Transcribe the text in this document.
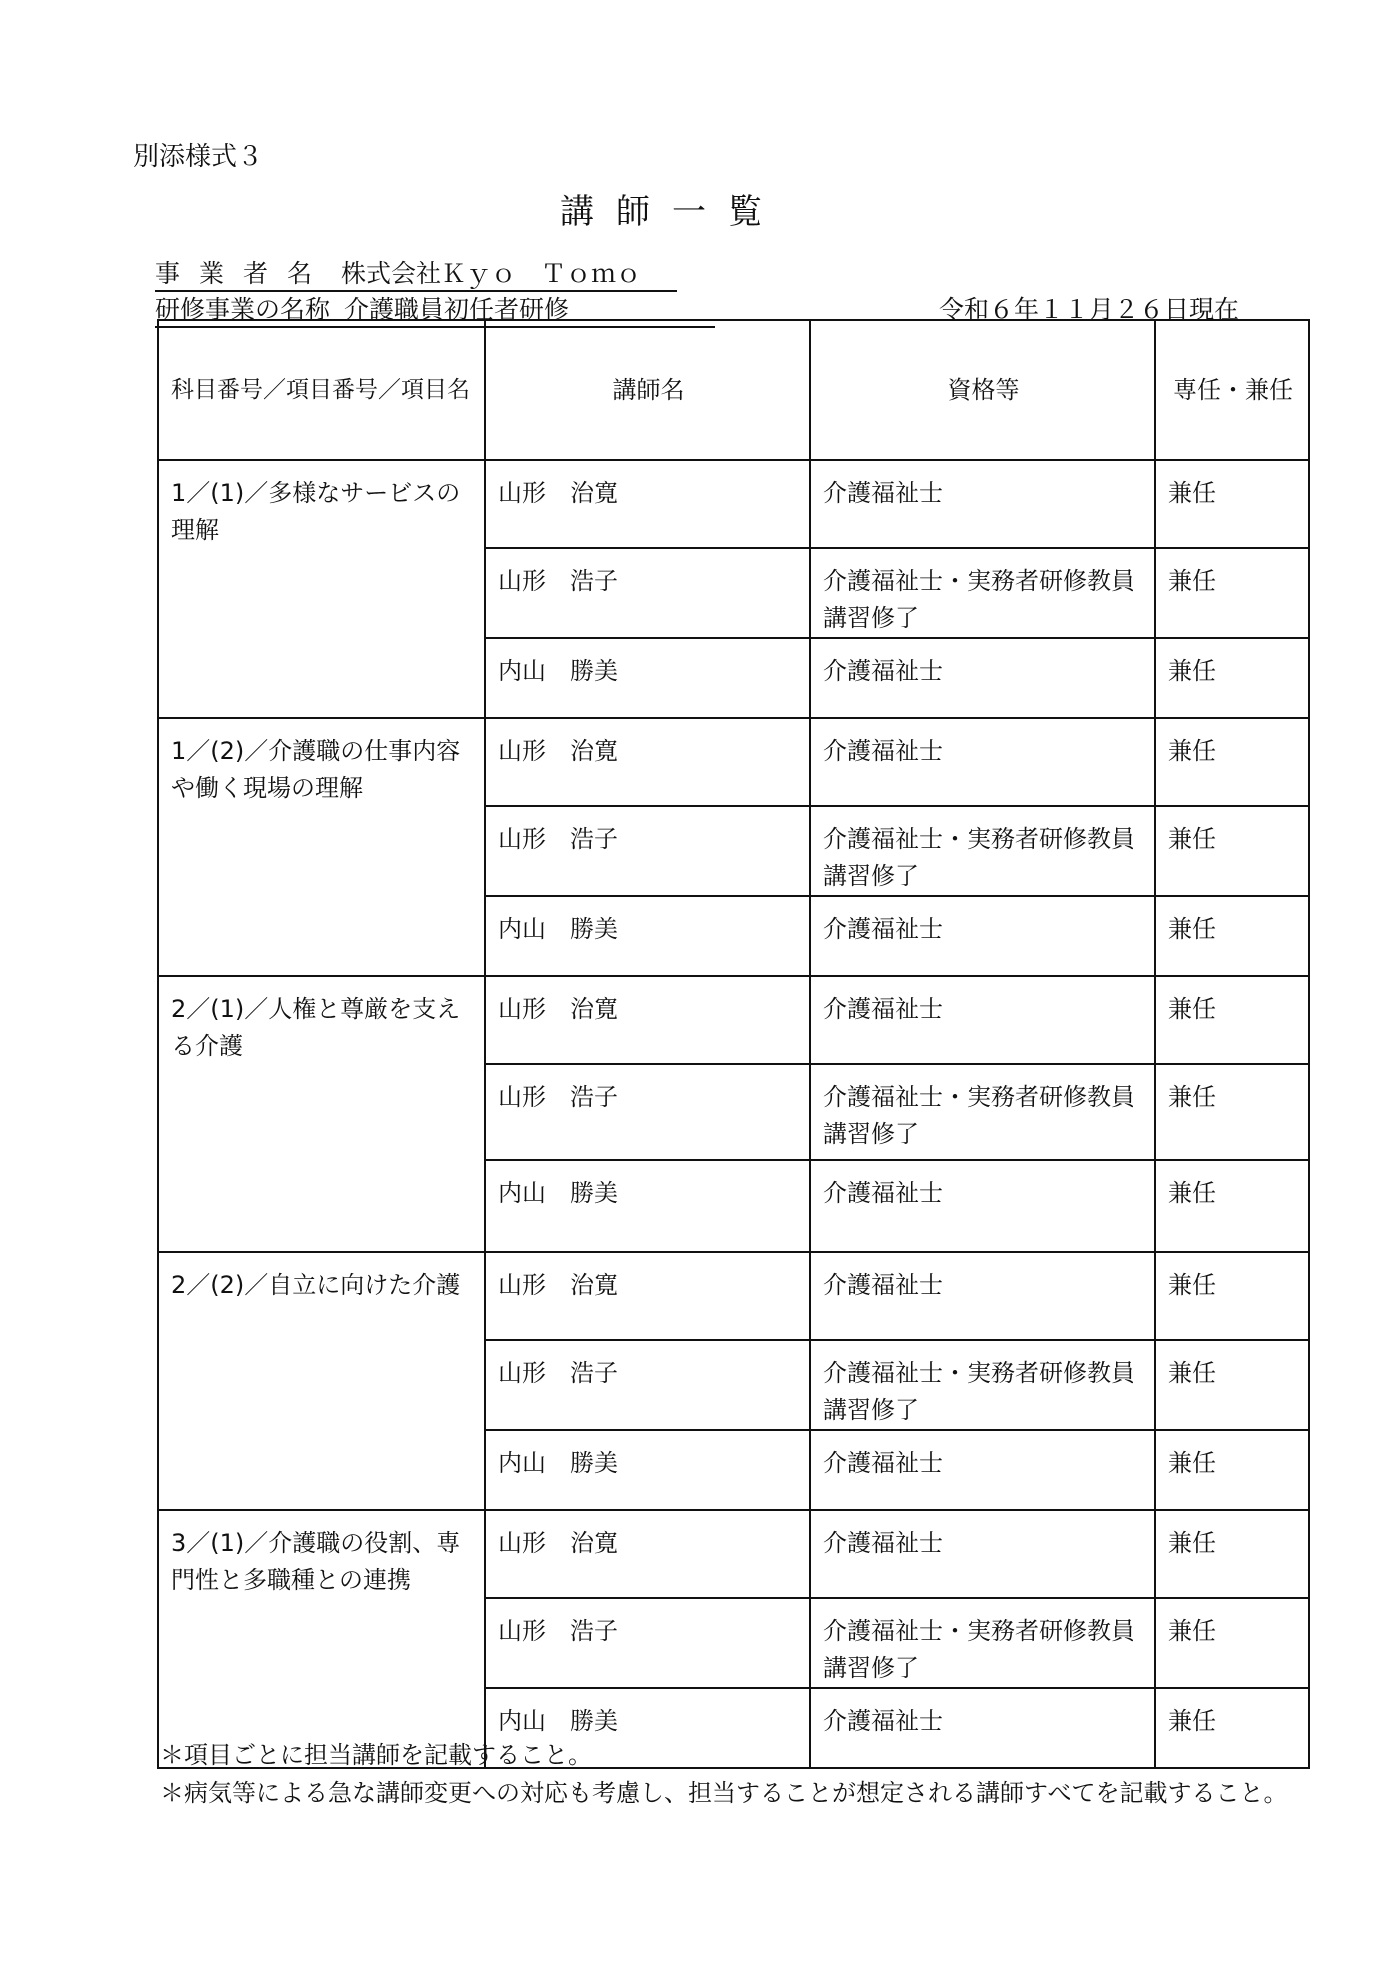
別添様式３
講師一覧
事業者名 株式会社Ｋｙｏ　Ｔｏｍｏ
研修事業の名称 介護職員初任者研修	令和６年１１月２６日現在
科目番号／項目番号／項目名	講師名	資格等	専任・兼任
1／(1)／多様なサービスの理解	山形　治寛	介護福祉士	兼任
	山形　浩子	介護福祉士・実務者研修教員講習修了	兼任
	内山　勝美	介護福祉士	兼任
1／(2)／介護職の仕事内容や働く現場の理解	山形　治寛	介護福祉士	兼任
	山形　浩子	介護福祉士・実務者研修教員講習修了	兼任
	内山　勝美	介護福祉士	兼任
2／(1)／人権と尊厳を支える介護	山形　治寛	介護福祉士	兼任
	山形　浩子	介護福祉士・実務者研修教員講習修了	兼任
	内山　勝美	介護福祉士	兼任
2／(2)／自立に向けた介護	山形　治寛	介護福祉士	兼任
	山形　浩子	介護福祉士・実務者研修教員講習修了	兼任
	内山　勝美	介護福祉士	兼任
3／(1)／介護職の役割、専門性と多職種との連携	山形　治寛	介護福祉士	兼任
	山形　浩子	介護福祉士・実務者研修教員講習修了	兼任
	内山　勝美	介護福祉士	兼任

＊項目ごとに担当講師を記載すること。

＊病気等による急な講師変更への対応も考慮し、担当することが想定される講師すべてを記載すること。
